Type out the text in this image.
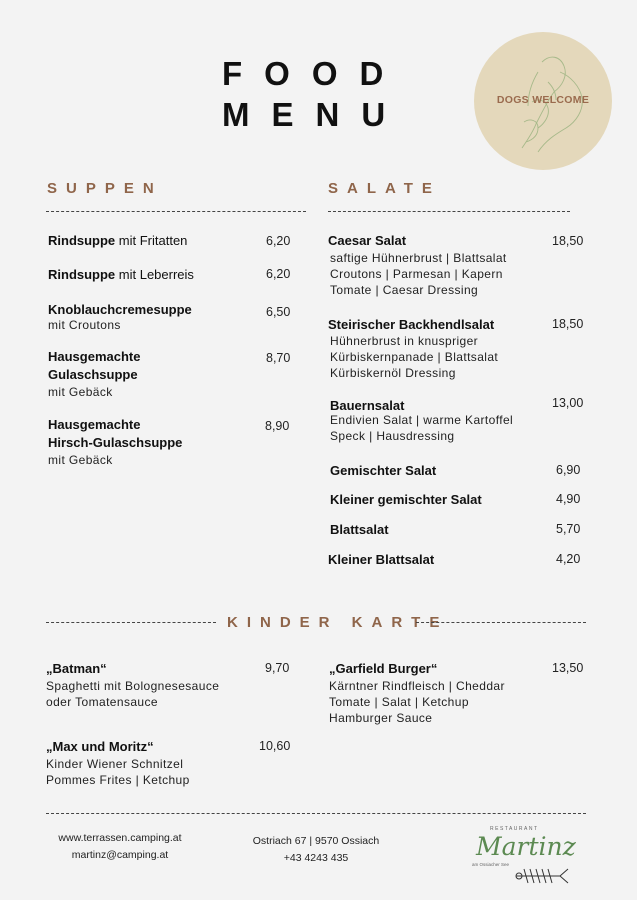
FOOD
MENU	DOGS WELCOME
SUPPEN
Rindsuppe mit Fritatten	6,20
Rindsuppe mit Leberreis	6,20
Knoblauchcremesuppe
mit Croutons
6,50
Hausgemachte
Gulaschsuppe
mit Gebäck
8,70
Hausgemachte
Hirsch-Gulaschsuppe
mit Gebäck
8,90
SALATE
Caesar Salat
saftige Hühnerbrust | Blattsalat
Croutons | Parmesan | Kapern
Tomate | Caesar Dressing
18,50
Steirischer Backhendlsalat
Hühnerbrust in knuspriger
Kürbiskernpanade | Blattsalat
Kürbiskernöl Dressing
18,50
Bauernsalat
Endivien Salat | warme Kartoffel
Speck | Hausdressing
13,00
Gemischter Salat	6,90
Kleiner gemischter Salat	4,90
Blattsalat	5,70
Kleiner Blattsalat	4,20
KINDER KARTE
„Batman“
Spaghetti mit Bolognesesauce
oder Tomatensauce
9,70
„Max und Moritz“
Kinder Wiener Schnitzel
Pommes Frites | Ketchup
10,60
„Garfield Burger“
Kärntner Rindfleisch | Cheddar
Tomate | Salat | Ketchup
Hamburger Sauce
13,50
www.terrassen.camping.at
martinz@camping.at
Ostriach 67 | 9570 Ossiach
+43 4243 435
RESTAURANT
Martinz
am Ossiacher See
